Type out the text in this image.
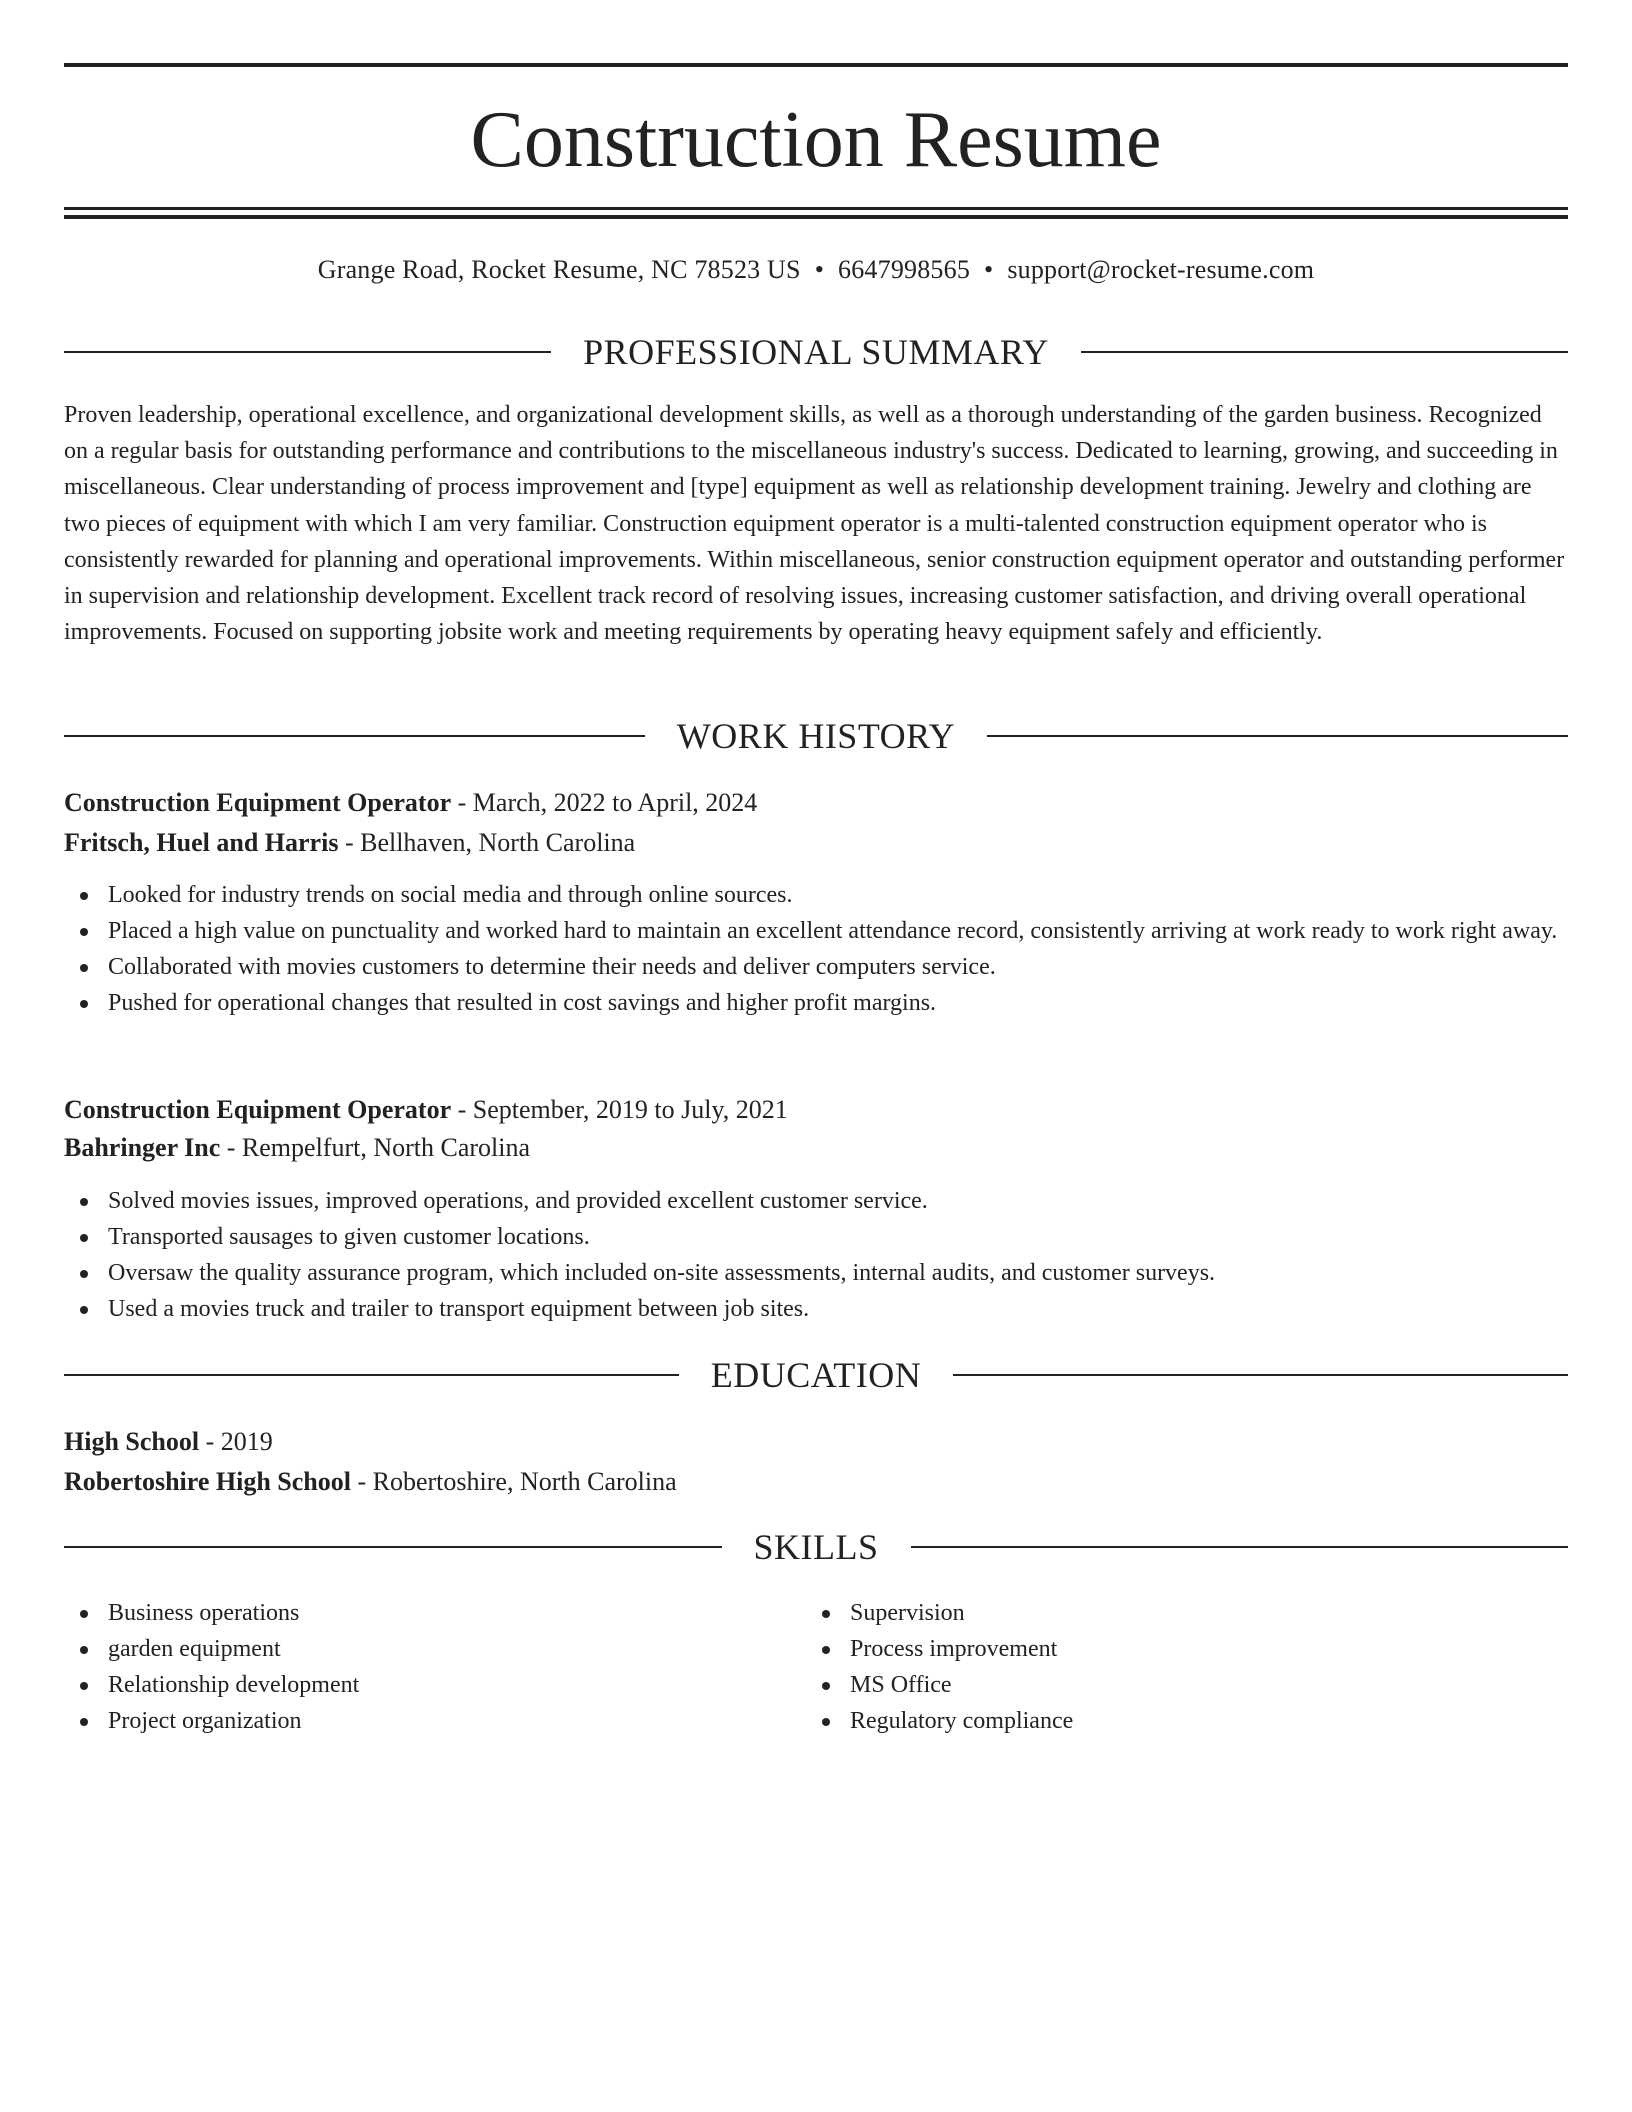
Construction Resume
Grange Road, Rocket Resume, NC 78523 US • 6647998565 • support@rocket-resume.com
PROFESSIONAL SUMMARY

Proven leadership, operational excellence, and organizational development skills, as well as a thorough understanding of the garden business. Recognized on a regular basis for outstanding performance and contributions to the miscellaneous industry's success. Dedicated to learning, growing, and succeeding in miscellaneous. Clear understanding of process improvement and [type] equipment as well as relationship development training. Jewelry and clothing are two pieces of equipment with which I am very familiar. Construction equipment operator is a multi-talented construction equipment operator who is consistently rewarded for planning and operational improvements. Within miscellaneous, senior construction equipment operator and outstanding performer in supervision and relationship development. Excellent track record of resolving issues, increasing customer satisfaction, and driving overall operational improvements. Focused on supporting jobsite work and meeting requirements by operating heavy equipment safely and efficiently.

WORK HISTORY
Construction Equipment Operator - March, 2022 to April, 2024
Fritsch, Huel and Harris - Bellhaven, North Carolina
Looked for industry trends on social media and through online sources.
Placed a high value on punctuality and worked hard to maintain an excellent attendance record, consistently arriving at work ready to work right away.
Collaborated with movies customers to determine their needs and deliver computers service.
Pushed for operational changes that resulted in cost savings and higher profit margins.
Construction Equipment Operator - September, 2019 to July, 2021
Bahringer Inc - Rempelfurt, North Carolina
Solved movies issues, improved operations, and provided excellent customer service.
Transported sausages to given customer locations.
Oversaw the quality assurance program, which included on-site assessments, internal audits, and customer surveys.
Used a movies truck and trailer to transport equipment between job sites.
EDUCATION
High School - 2019
Robertoshire High School - Robertoshire, North Carolina
SKILLS
Business operations
garden equipment
Relationship development
Project organization
Supervision
Process improvement
MS Office
Regulatory compliance
